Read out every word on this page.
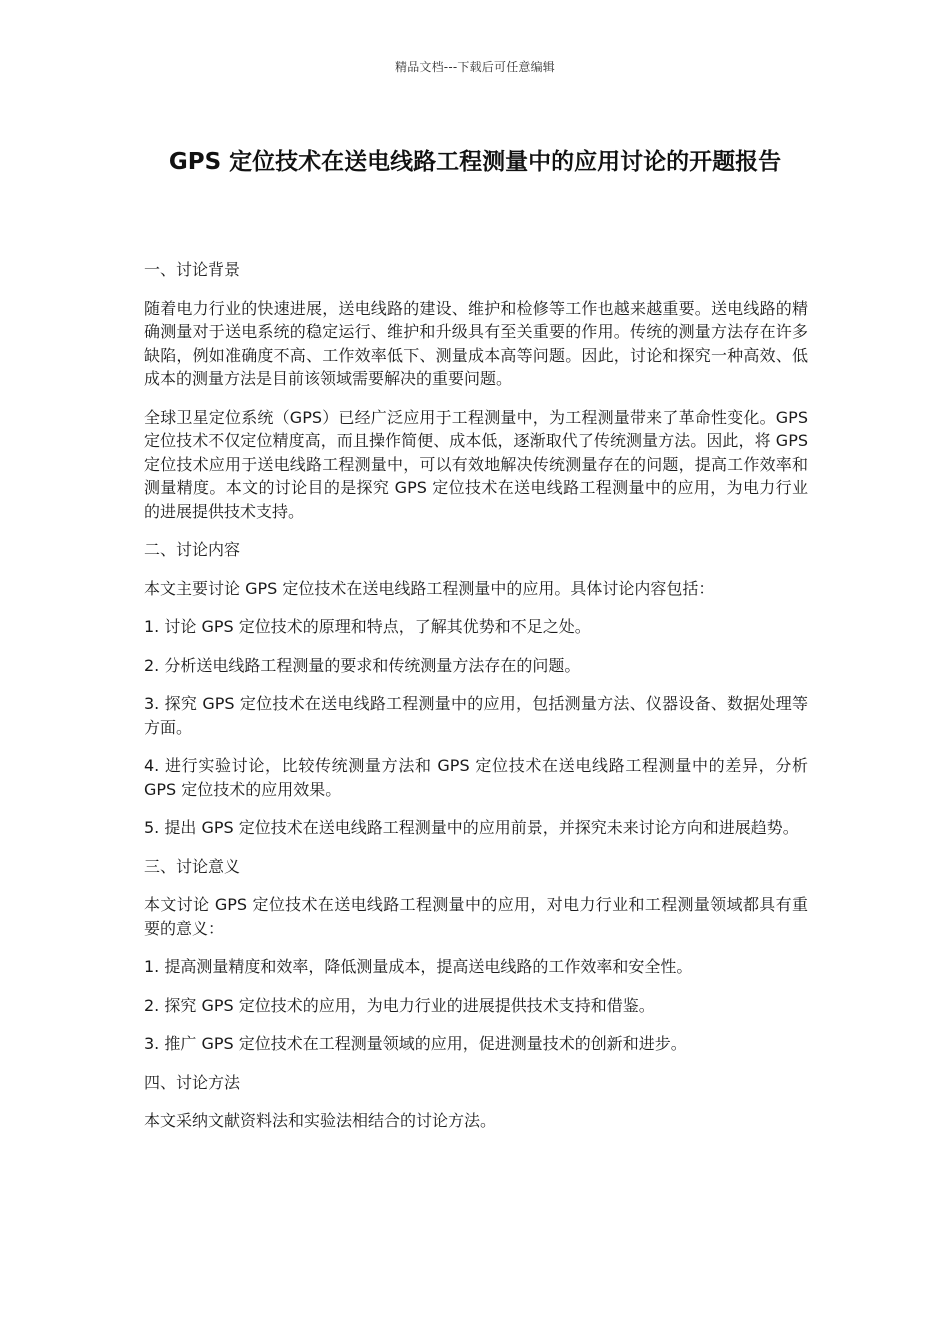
精品文档---下载后可任意编辑
GPS 定位技术在送电线路工程测量中的应用讨论的开题报告

一、讨论背景

随着电力行业的快速进展，送电线路的建设、维护和检修等工作也越来越重要。送电线路的精确测量对于送电系统的稳定运行、维护和升级具有至关重要的作用。传统的测量方法存在许多缺陷，例如准确度不高、工作效率低下、测量成本高等问题。因此，讨论和探究一种高效、低成本的测量方法是目前该领域需要解决的重要问题。

全球卫星定位系统（GPS）已经广泛应用于工程测量中，为工程测量带来了革命性变化。GPS 定位技术不仅定位精度高，而且操作简便、成本低，逐渐取代了传统测量方法。因此，将 GPS 定位技术应用于送电线路工程测量中，可以有效地解决传统测量存在的问题，提高工作效率和测量精度。本文的讨论目的是探究 GPS 定位技术在送电线路工程测量中的应用，为电力行业的进展提供技术支持。

二、讨论内容

本文主要讨论 GPS 定位技术在送电线路工程测量中的应用。具体讨论内容包括：

1. 讨论 GPS 定位技术的原理和特点，了解其优势和不足之处。

2. 分析送电线路工程测量的要求和传统测量方法存在的问题。

3. 探究 GPS 定位技术在送电线路工程测量中的应用，包括测量方法、仪器设备、数据处理等方面。

4. 进行实验讨论，比较传统测量方法和 GPS 定位技术在送电线路工程测量中的差异，分析 GPS 定位技术的应用效果。

5. 提出 GPS 定位技术在送电线路工程测量中的应用前景，并探究未来讨论方向和进展趋势。

三、讨论意义

本文讨论 GPS 定位技术在送电线路工程测量中的应用，对电力行业和工程测量领域都具有重要的意义：

1. 提高测量精度和效率，降低测量成本，提高送电线路的工作效率和安全性。

2. 探究 GPS 定位技术的应用，为电力行业的进展提供技术支持和借鉴。

3. 推广 GPS 定位技术在工程测量领域的应用，促进测量技术的创新和进步。

四、讨论方法

本文采纳文献资料法和实验法相结合的讨论方法。
